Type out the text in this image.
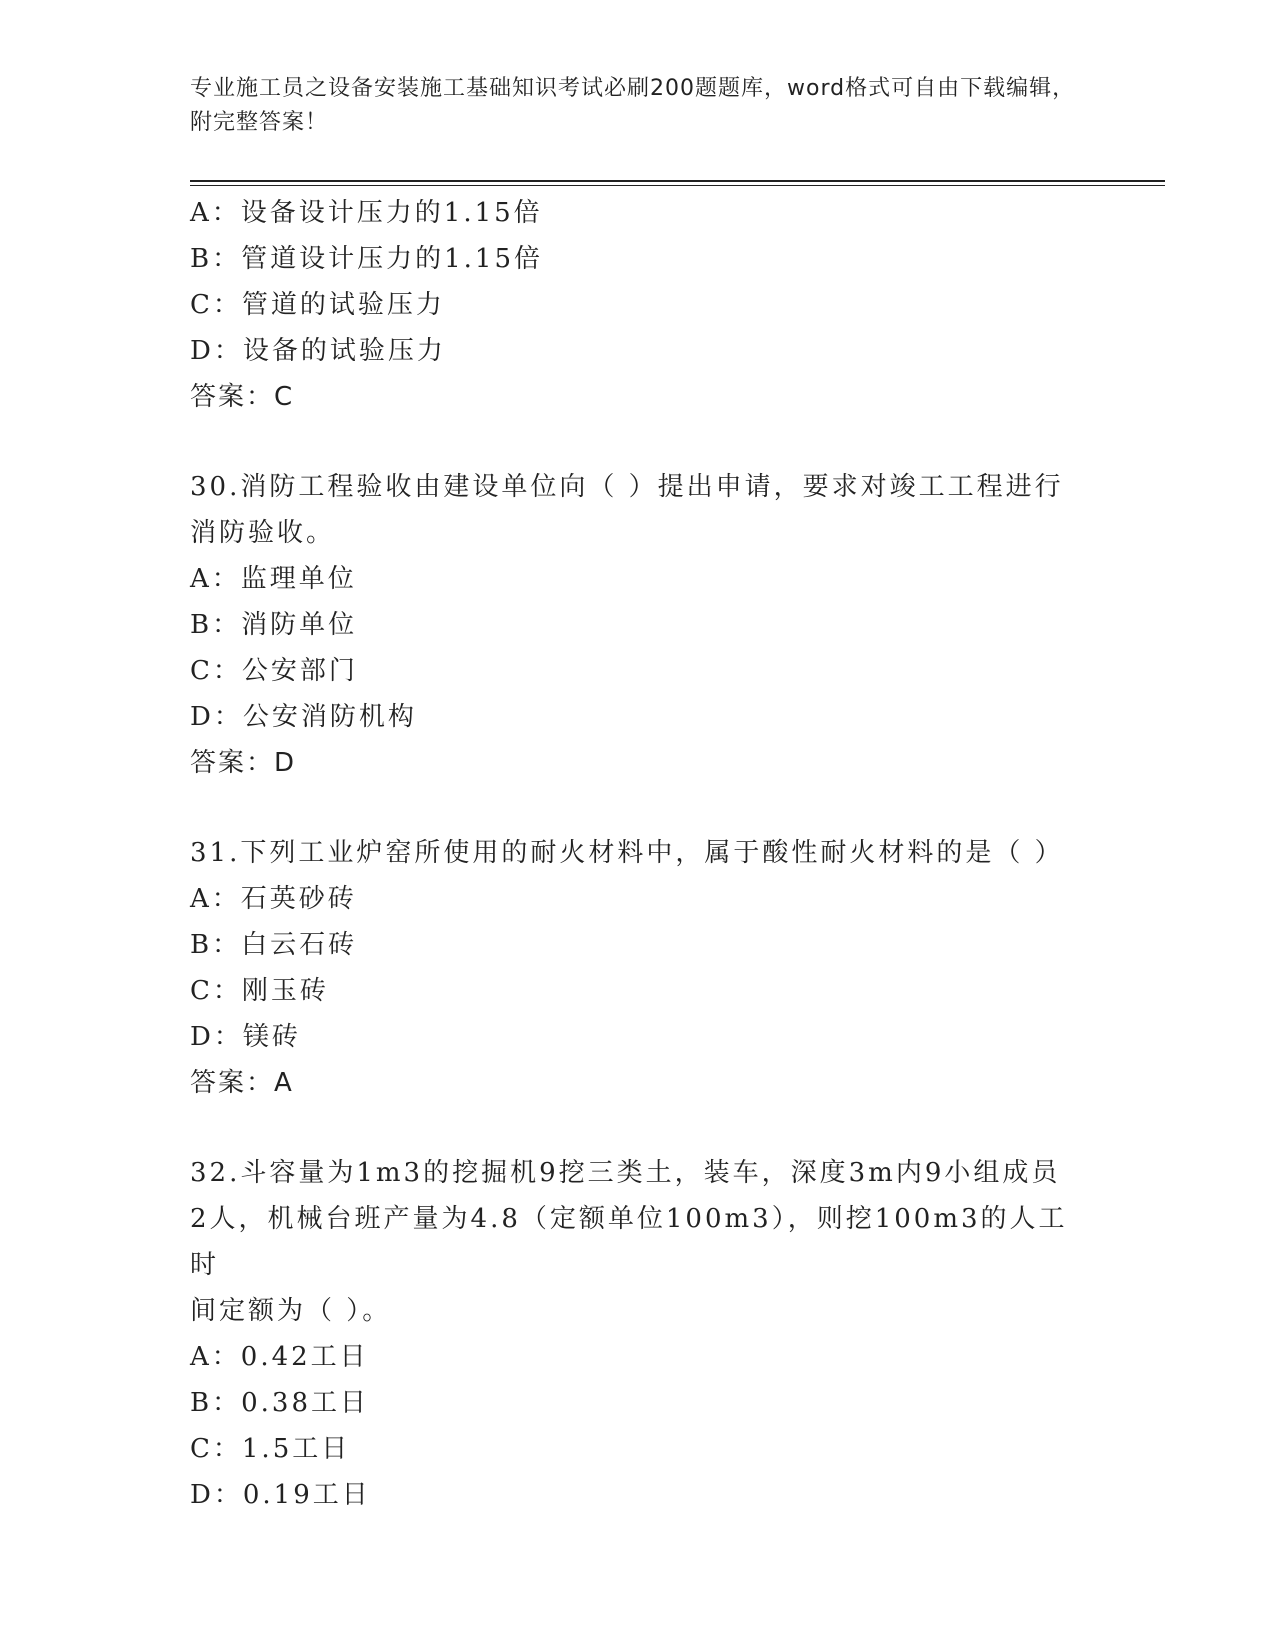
专业施工员之设备安装施工基础知识考试必刷200题题库，word格式可自由下载编辑，附完整答案！
A：设备设计压力的1.15倍
B：管道设计压力的1.15倍
C：管道的试验压力
D：设备的试验压力
答案：C
30.消防工程验收由建设单位向（ ）提出申请，要求对竣工工程进行
消防验收。
A：监理单位
B：消防单位
C：公安部门
D：公安消防机构
答案：D
31.下列工业炉窑所使用的耐火材料中，属于酸性耐火材料的是（ ）
A：石英砂砖
B：白云石砖
C：刚玉砖
D：镁砖
答案：A
32.斗容量为1m3的挖掘机9挖三类土，装车，深度3m内9小组成员
2人，机械台班产量为4.8（定额单位100m3），则挖100m3的人工时
间定额为（ ）。
A：0.42工日
B：0.38工日
C：1.5工日
D：0.19工日
